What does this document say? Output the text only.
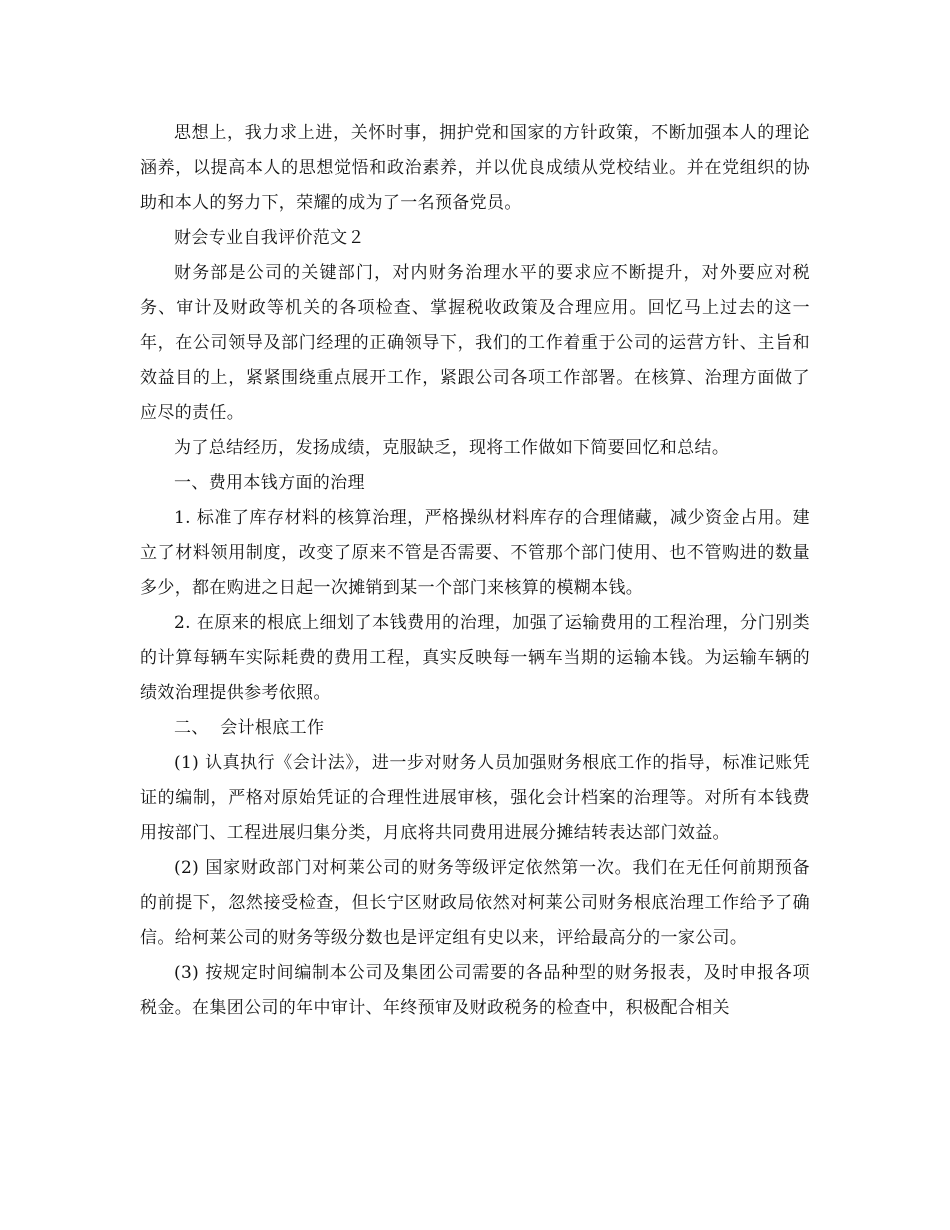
思想上，我力求上进，关怀时事，拥护党和国家的方针政策，不断加强本人的理论涵养，以提高本人的思想觉悟和政治素养，并以优良成绩从党校结业。并在党组织的协助和本人的努力下，荣耀的成为了一名预备党员。

财会专业自我评价范文２

财务部是公司的关键部门，对内财务治理水平的要求应不断提升，对外要应对税务、审计及财政等机关的各项检查、掌握税收政策及合理应用。回忆马上过去的这一年，在公司领导及部门经理的正确领导下，我们的工作着重于公司的运营方针、主旨和效益目的上，紧紧围绕重点展开工作，紧跟公司各项工作部署。在核算、治理方面做了应尽的责任。

为了总结经历，发扬成绩，克服缺乏，现将工作做如下简要回忆和总结。

一、费用本钱方面的治理

1. 标准了库存材料的核算治理，严格操纵材料库存的合理储藏，减少资金占用。建立了材料领用制度，改变了原来不管是否需要、不管那个部门使用、也不管购进的数量多少，都在购进之日起一次摊销到某一个部门来核算的模糊本钱。

2. 在原来的根底上细划了本钱费用的治理，加强了运输费用的工程治理，分门别类的计算每辆车实际耗费的费用工程，真实反映每一辆车当期的运输本钱。为运输车辆的绩效治理提供参考依照。

二、  会计根底工作

(1) 认真执行《会计法》，进一步对财务人员加强财务根底工作的指导，标准记账凭证的编制，严格对原始凭证的合理性进展审核，强化会计档案的治理等。对所有本钱费用按部门、工程进展归集分类，月底将共同费用进展分摊结转表达部门效益。

(2) 国家财政部门对柯莱公司的财务等级评定依然第一次。我们在无任何前期预备的前提下，忽然接受检查，但长宁区财政局依然对柯莱公司财务根底治理工作给予了确信。给柯莱公司的财务等级分数也是评定组有史以来，评给最高分的一家公司。

(3) 按规定时间编制本公司及集团公司需要的各品种型的财务报表，及时申报各项税金。在集团公司的年中审计、年终预审及财政税务的检查中，积极配合相关
